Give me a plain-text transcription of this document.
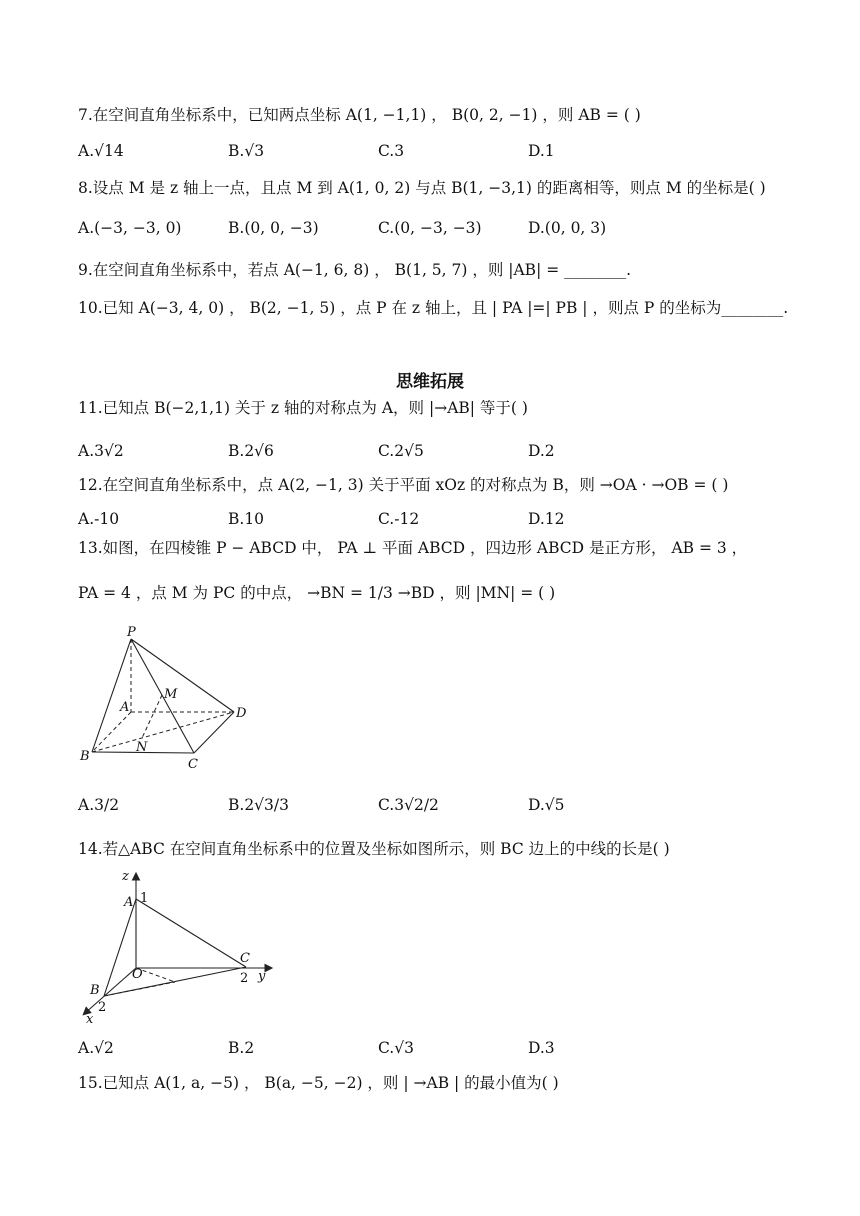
7.在空间直角坐标系中，已知两点坐标 A(1, −1,1) ， B(0, 2, −1) ，则 AB = ( )
A.√14	B.√3	C.3	D.1
8.设点 M 是 z 轴上一点，且点 M 到 A(1, 0, 2) 与点 B(1, −3,1) 的距离相等，则点 M 的坐标是( )
A.(−3, −3, 0)	B.(0, 0, −3)	C.(0, −3, −3)	D.(0, 0, 3)
9.在空间直角坐标系中，若点 A(−1, 6, 8) ， B(1, 5, 7) ，则 |AB| = ________.
10.已知 A(−3, 4, 0) ， B(2, −1, 5) ，点 P 在 z 轴上，且 | PA |=| PB | ，则点 P 的坐标为________.
思维拓展
11.已知点 B(−2,1,1) 关于 z 轴的对称点为 A，则 |→AB| 等于( )
A.3√2	B.2√6	C.2√5	D.2
12.在空间直角坐标系中，点 A(2, −1, 3) 关于平面 xOz 的对称点为 B，则 →OA · →OB = ( )
A.-10	B.10	C.-12	D.12
13.如图，在四棱锥 P − ABCD 中， PA ⊥ 平面 ABCD ，四边形 ABCD 是正方形， AB = 3 ，
PA = 4 ，点 M 为 PC 的中点， →BN = 1/3 →BD ，则 |MN| = ( )
P
A
M
D
B
N
C
A.3/2	B.2√3/3	C.3√2/2	D.√5
14.若△ABC 在空间直角坐标系中的位置及坐标如图所示，则 BC 边上的中线的长是( )
z
A
C
O	y
B
x
1
2
2
A.√2	B.2	C.√3	D.3
15.已知点 A(1, a, −5) ， B(a, −5, −2) ，则 | →AB | 的最小值为( )
